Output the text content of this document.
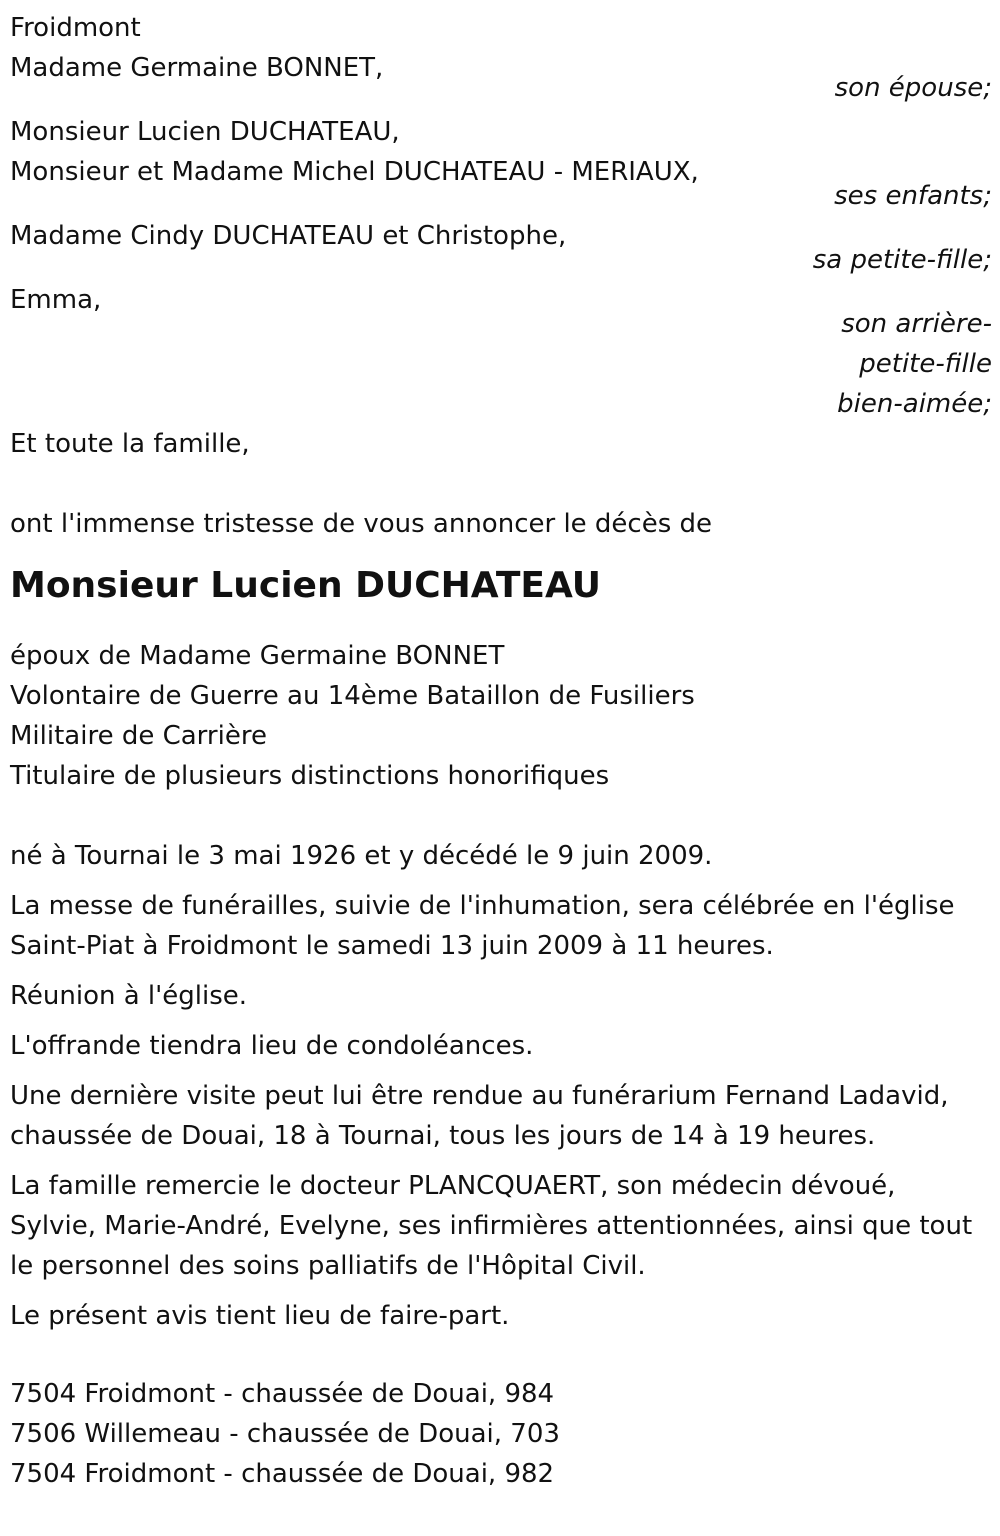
Froidmont
Madame Germaine BONNET,
son épouse;
Monsieur Lucien DUCHATEAU,
Monsieur et Madame Michel DUCHATEAU - MERIAUX,
ses enfants;
Madame Cindy DUCHATEAU et Christophe,
sa petite-fille;
Emma,
son arrière-
petite-fille
bien-aimée;
Et toute la famille,
ont l'immense tristesse de vous annoncer le décès de
Monsieur Lucien DUCHATEAU
époux de Madame Germaine BONNET
Volontaire de Guerre au 14ème Bataillon de Fusiliers
Militaire de Carrière
Titulaire de plusieurs distinctions honorifiques

né à Tournai le 3 mai 1926 et y décédé le 9 juin 2009.

La messe de funérailles, suivie de l'inhumation, sera célébrée en l'église
Saint-Piat à Froidmont le samedi 13 juin 2009 à 11 heures.

Réunion à l'église.

L'offrande tiendra lieu de condoléances.

Une dernière visite peut lui être rendue au funérarium Fernand Ladavid,
chaussée de Douai, 18 à Tournai, tous les jours de 14 à 19 heures.

La famille remercie le docteur PLANCQUAERT, son médecin dévoué,
Sylvie, Marie-André, Evelyne, ses infirmières attentionnées, ainsi que tout
le personnel des soins palliatifs de l'Hôpital Civil.

Le présent avis tient lieu de faire-part.

7504 Froidmont - chaussée de Douai, 984
7506 Willemeau - chaussée de Douai, 703
7504 Froidmont - chaussée de Douai, 982
